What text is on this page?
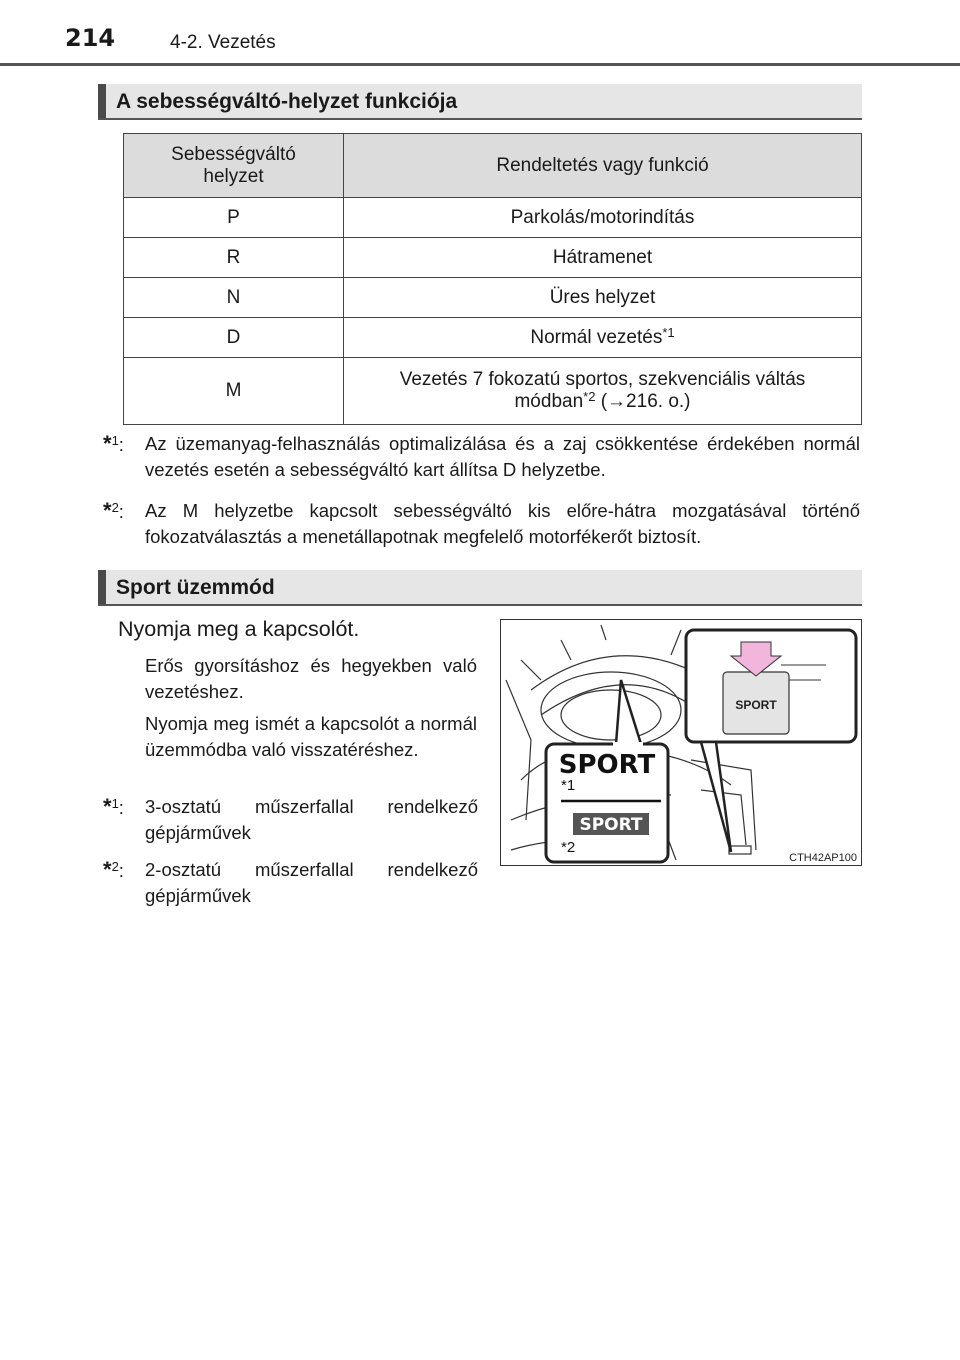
214	4-2. Vezetés
A sebességváltó-helyzet funkciója
Sebességváltó helyzet	Rendeltetés vagy funkció
P	Parkolás/motorindítás
R	Hátramenet
N	Üres helyzet
D	Normál vezetés$^{*1}$
M	Vezetés 7 fokozatú sportos, szekvenciális váltás
módban$^{*2}$ (→216. o.)
*$^1$: Az üzemanyag-felhasználás optimalizálása és a zaj csökkentése érdekében normál vezetés esetén a sebességváltó kart állítsa D helyzetbe.
*$^2$: Az M helyzetbe kapcsolt sebességváltó kis előre-hátra mozgatásával történő fokozatválasztás a menetállapotnak megfelelő motorfékerőt biztosít.
Sport üzemmód
Nyomja meg a kapcsolót.
Erős gyorsításhoz és hegyekben való vezetéshez.
Nyomja meg ismét a kapcsolót a normál üzemmódba való visszatéréshez.
*$^1$: 3-osztatú műszerfallal rendelkező gépjárművek
*$^2$: 2-osztatú műszerfallal rendelkező gépjárművek
SPORT
SPORT
*1
SPORT
*2
CTH42AP100
